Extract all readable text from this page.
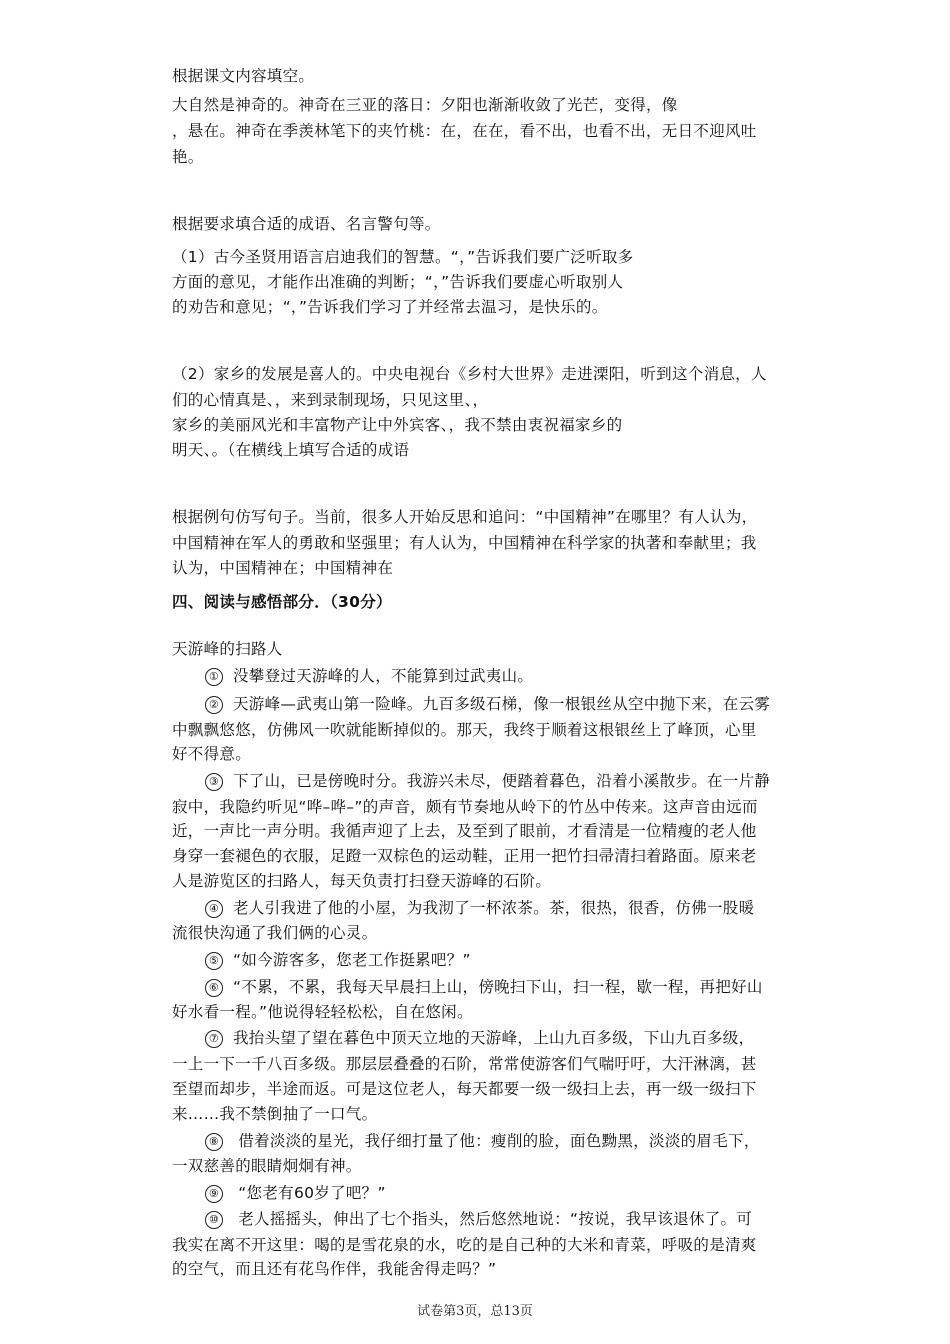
根据课文内容填空。
大自然是神奇的。神奇在三亚的落日：夕阳也渐渐收敛了光芒，变得，像
，悬在。神奇在季羡林笔下的夹竹桃：在，在在，看不出，也看不出，无日不迎风吐
艳。
根据要求填合适的成语、名言警句等。
（1）古今圣贤用语言启迪我们的智慧。“，”告诉我们要广泛听取多
方面的意见，才能作出准确的判断；“，”告诉我们要虚心听取别人
的劝告和意见；“，”告诉我们学习了并经常去温习，是快乐的。
（2）家乡的发展是喜人的。中央电视台《乡村大世界》走进溧阳，听到这个消息，人
们的心情真是、，来到录制现场，只见这里、，
家乡的美丽风光和丰富物产让中外宾客、，我不禁由衷祝福家乡的
明天、。（在横线上填写合适的成语
根据例句仿写句子。当前，很多人开始反思和追问：“中国精神”在哪里？有人认为，
中国精神在军人的勇敢和坚强里；有人认为，中国精神在科学家的执著和奉献里；我
认为，中国精神在；中国精神在
四、阅读与感悟部分．（30分）
天游峰的扫路人
① 没攀登过天游峰的人，不能算到过武夷山。
② 天游峰—武夷山第一险峰。九百多级石梯，像一根银丝从空中抛下来，在云雾
中飘飘悠悠，仿佛风一吹就能断掉似的。那天，我终于顺着这根银丝上了峰顶，心里
好不得意。
③ 下了山，已是傍晚时分。我游兴未尽，便踏着暮色，沿着小溪散步。在一片静
寂中，我隐约听见“哗–哗–”的声音，颇有节奏地从岭下的竹丛中传来。这声音由远而
近，一声比一声分明。我循声迎了上去，及至到了眼前，才看清是一位精瘦的老人他
身穿一套褪色的衣服，足蹬一双棕色的运动鞋，正用一把竹扫帚清扫着路面。原来老
人是游览区的扫路人，每天负责打扫登天游峰的石阶。
④ 老人引我进了他的小屋，为我沏了一杯浓茶。茶，很热，很香，仿佛一股暖
流很快沟通了我们俩的心灵。
⑤ “如今游客多，您老工作挺累吧？”
⑥ “不累，不累，我每天早晨扫上山，傍晚扫下山，扫一程，歇一程，再把好山
好水看一程。”他说得轻轻松松，自在悠闲。
⑦ 我抬头望了望在暮色中顶天立地的天游峰，上山九百多级，下山九百多级，
一上一下一千八百多级。那层层叠叠的石阶，常常使游客们气喘吁吁，大汗淋漓，甚
至望而却步，半途而返。可是这位老人，每天都要一级一级扫上去，再一级一级扫下
来……我不禁倒抽了一口气。
⑧ 借着淡淡的星光，我仔细打量了他：瘦削的脸，面色黝黑，淡淡的眉毛下，
一双慈善的眼睛炯炯有神。
⑨ “您老有60岁了吧？”
⑩ 老人摇摇头，伸出了七个指头，然后悠然地说：“按说，我早该退休了。可
我实在离不开这里：喝的是雪花泉的水，吃的是自己种的大米和青菜，呼吸的是清爽
的空气，而且还有花鸟作伴，我能舍得走吗？”
试卷第3页，总13页
